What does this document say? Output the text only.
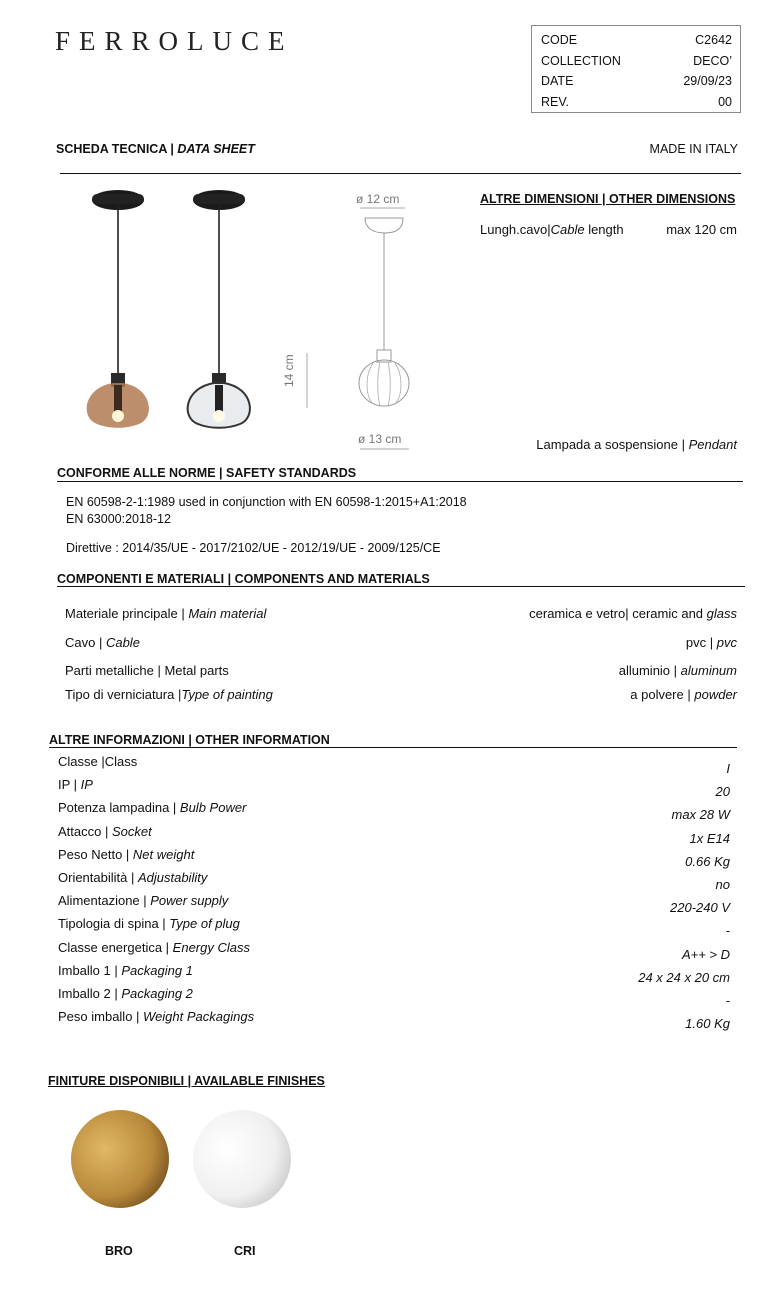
FERROLUCE	CODE	C2642
COLLECTION	DECO’
DATE	29/09/23
REV.	00
SCHEDA TECNICA | DATA SHEET	MADE IN ITALY
ø 12 cm
ø 13 cm
14 cm
ALTRE DIMENSIONI | OTHER DIMENSIONS
Lungh.cavo|Cable length	max 120 cm
Lampada a sospensione | Pendant
CONFORME ALLE NORME | SAFETY STANDARDS
EN 60598-2-1:1989 used in conjunction with EN 60598-1:2015+A1:2018
EN 63000:2018-12
Direttive : 2014/35/UE - 2017/2102/UE - 2012/19/UE - 2009/125/CE
COMPONENTI E MATERIALI | COMPONENTS AND MATERIALS
Materiale principale | Main material	ceramica e vetro| ceramic and glass
Cavo | Cable	pvc | pvc
Parti metalliche | Metal parts	alluminio | aluminum
Tipo di verniciatura |Type of painting	a polvere | powder
ALTRE INFORMAZIONI | OTHER INFORMATION
Classe |Class	I
IP | IP	20
Potenza lampadina | Bulb Power	max 28 W
Attacco | Socket	1x E14
Peso Netto | Net weight	0.66 Kg
Orientabilità | Adjustability	no
Alimentazione | Power supply	220-240 V
Tipologia di spina | Type of plug	-
Classe energetica | Energy Class	A++ > D
Imballo 1 | Packaging 1	24 x 24 x 20 cm
Imballo 2 | Packaging 2	-
Peso imballo | Weight Packagings	1.60 Kg
FINITURE DISPONIBILI | AVAILABLE FINISHES
BRO	CRI
